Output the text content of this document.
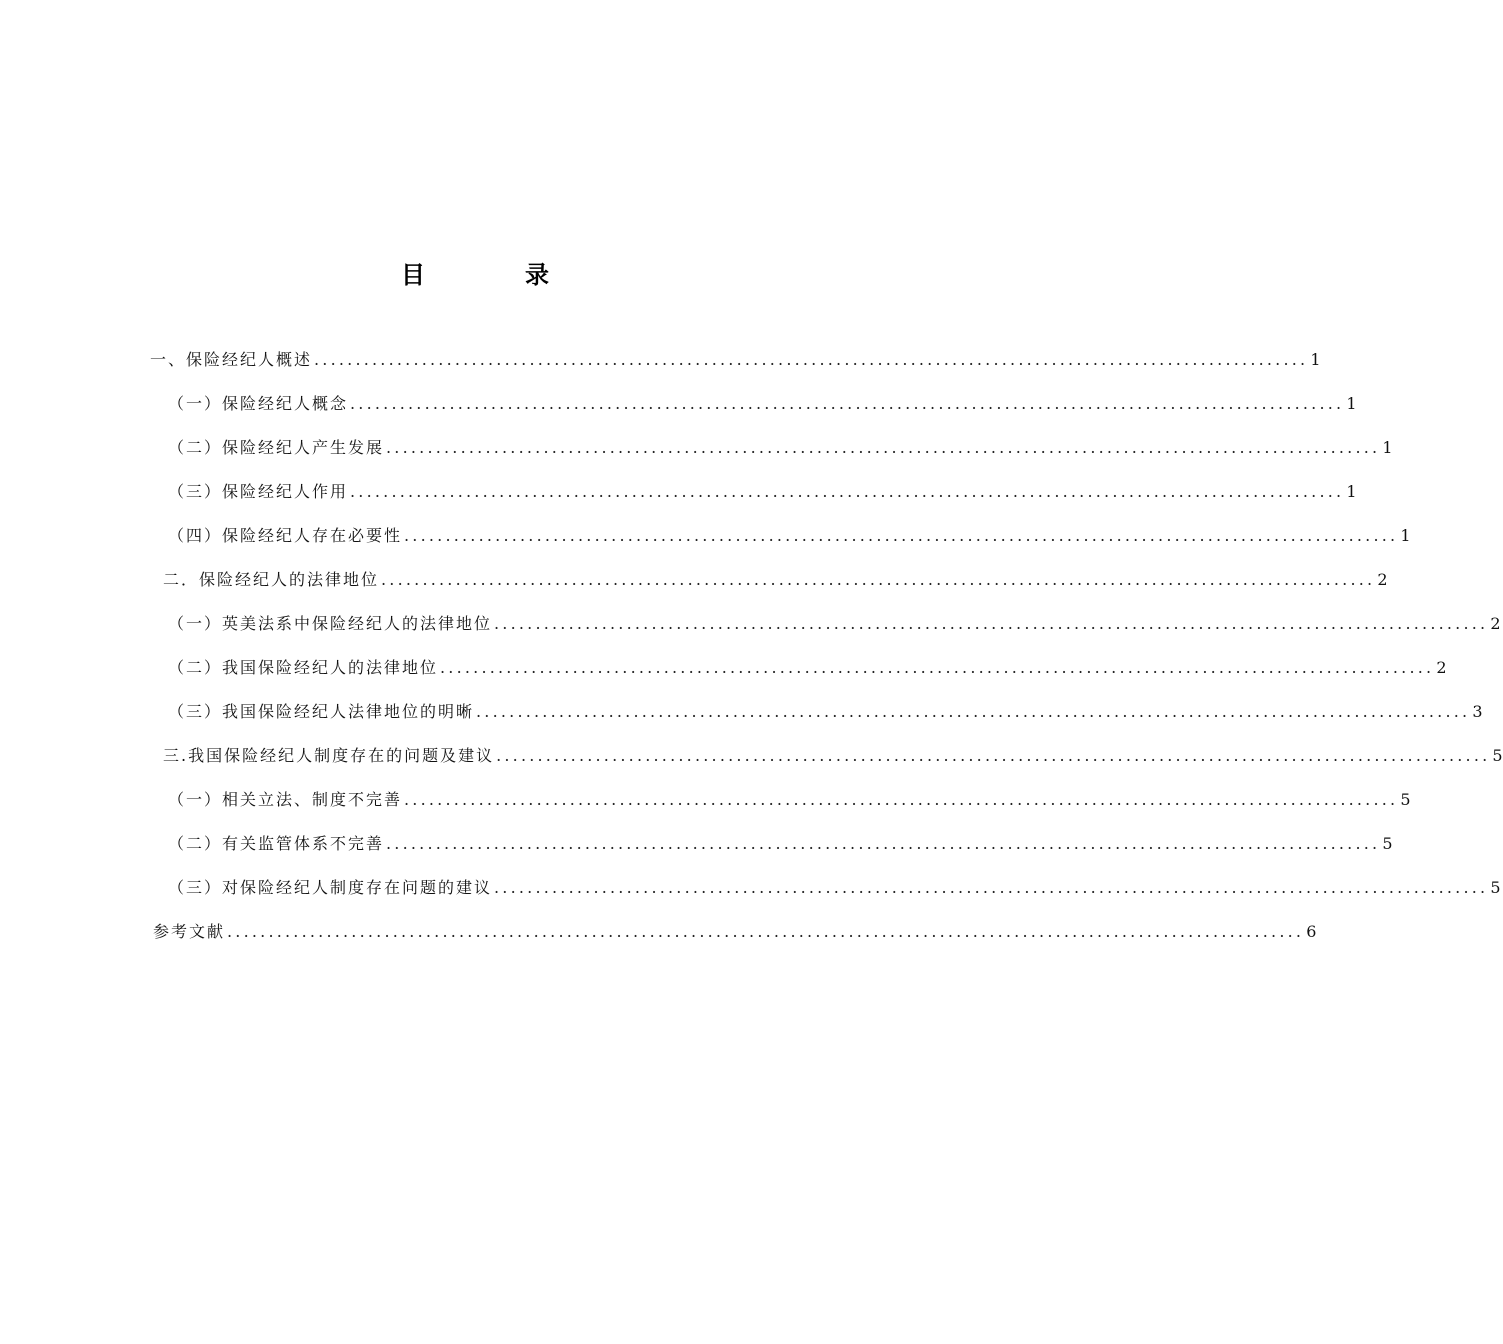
目　录
一、保险经纪人概述 ........................................................................................................................ 1
（一）保险经纪人概念 ........................................................................................................................ 1
（二）保险经纪人产生发展 ........................................................................................................................ 1
（三）保险经纪人作用 ........................................................................................................................ 1
（四）保险经纪人存在必要性 ........................................................................................................................ 1
二．保险经纪人的法律地位 ........................................................................................................................ 2
（一）英美法系中保险经纪人的法律地位 ........................................................................................................................ 2
（二）我国保险经纪人的法律地位 ........................................................................................................................ 2
（三）我国保险经纪人法律地位的明晰 ........................................................................................................................ 3
三.我国保险经纪人制度存在的问题及建议 ........................................................................................................................ 5
（一）相关立法、制度不完善 ........................................................................................................................ 5
（二）有关监管体系不完善 ........................................................................................................................ 5
（三）对保险经纪人制度存在问题的建议 ........................................................................................................................ 5
参考文献 .................................................................................................................................. 6
